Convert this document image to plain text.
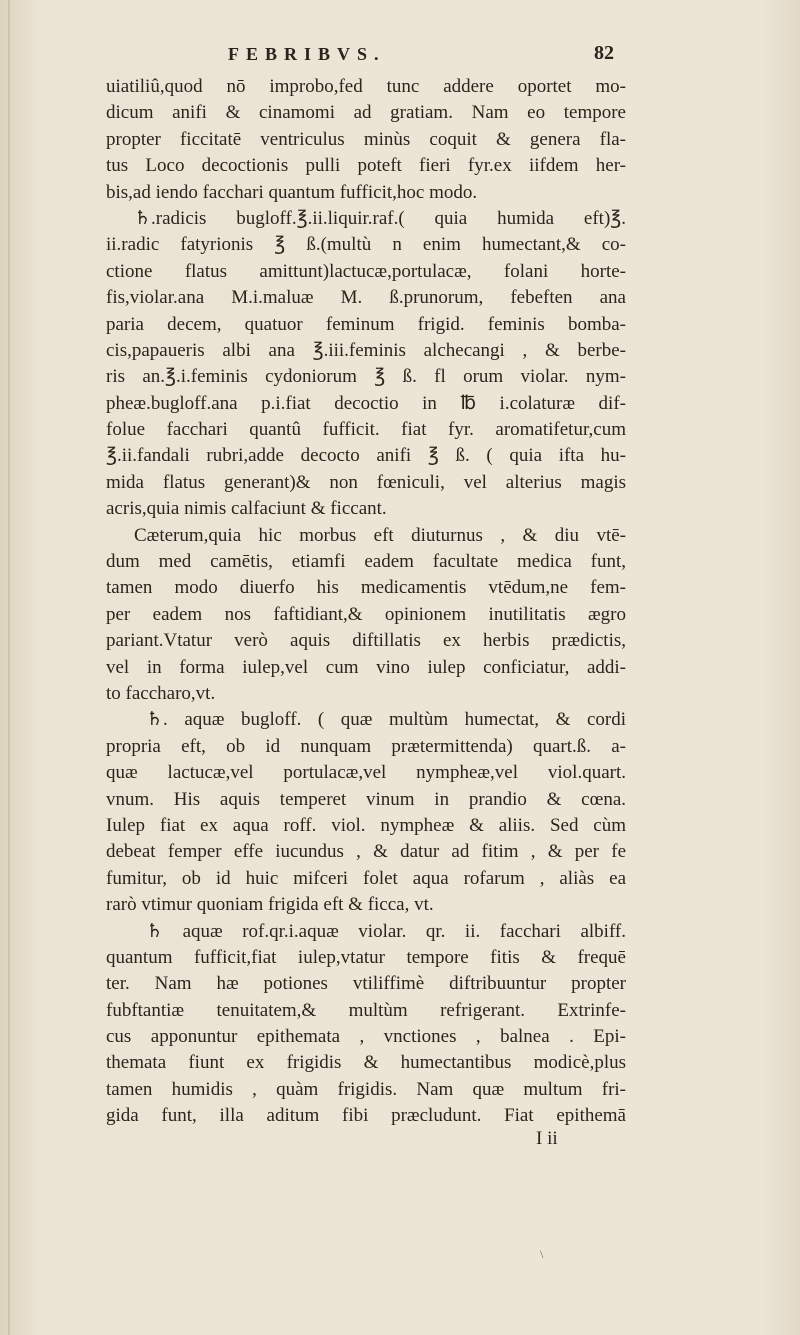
FEBRIBVS.	82
uiatiliû,quod nō improbo,fed tunc addere oportet mo-
dicum anifi & cinamomi ad gratiam. Nam eo tempore
propter ficcitatē ventriculus minùs coquit & genera fla-
tus Loco decoctionis pulli poteft fieri fyr.ex iifdem her-
bis,ad iendo facchari quantum fufficit,hoc modo.
♄.radicis bugloff.℥.ii.liquir.raf.( quia humida eft)℥.
ii.radic fatyrionis ℥ ß.(multù n enim humectant,& co-
ctione flatus amittunt)lactucæ,portulacæ, folani horte-
fis,violar.ana M.i.maluæ M. ß.prunorum, febeften ana
paria decem, quatuor feminum frigid. feminis bomba-
cis,papaueris albi ana ℥.iii.feminis alchecangi , & berbe-
ris an.℥.i.feminis cydoniorum ℥ ß. fl orum violar. nym-
pheæ.bugloff.ana p.i.fiat decoctio in ℔ i.colaturæ dif-
folue facchari quantû fufficit. fiat fyr. aromatifetur,cum
℥.ii.fandali rubri,adde decocto anifi ℥ ß. ( quia ifta hu-
mida flatus generant)& non fœniculi, vel alterius magis
acris,quia nimis calfaciunt & ficcant.
Cæterum,quia hic morbus eft diuturnus , & diu vtē-
dum med camētis, etiamfi eadem facultate medica funt,
tamen modo diuerfo his medicamentis vtēdum,ne fem-
per eadem nos faftidiant,& opinionem inutilitatis ægro
pariant.Vtatur verò aquis diftillatis ex herbis prædictis,
vel in forma iulep,vel cum vino iulep conficiatur, addi-
to faccharo,vt.
♄. aquæ bugloff. ( quæ multùm humectat, & cordi
propria eft, ob id nunquam prætermittenda) quart.ß. a-
quæ lactucæ,vel portulacæ,vel nympheæ,vel viol.quart.
vnum. His aquis temperet vinum in prandio & cœna.
Iulep fiat ex aqua roff. viol. nympheæ & aliis. Sed cùm
debeat femper effe iucundus , & datur ad fitim , & per fe
fumitur, ob id huic mifceri folet aqua rofarum , aliàs ea
rarò vtimur quoniam frigida eft & ficca, vt.
♄ aquæ rof.qr.i.aquæ violar. qr. ii. facchari albiff.
quantum fufficit,fiat iulep,vtatur tempore fitis & frequē
ter. Nam hæ potiones vtiliffimè diftribuuntur propter
fubftantiæ tenuitatem,& multùm refrigerant. Extrinfe-
cus apponuntur epithemata , vnctiones , balnea . Epi-
themata fiunt ex frigidis & humectantibus modicè,plus
tamen humidis , quàm frigidis. Nam quæ multum fri-
gida funt, illa aditum fibi præcludunt. Fiat epithemā
I ii
\
